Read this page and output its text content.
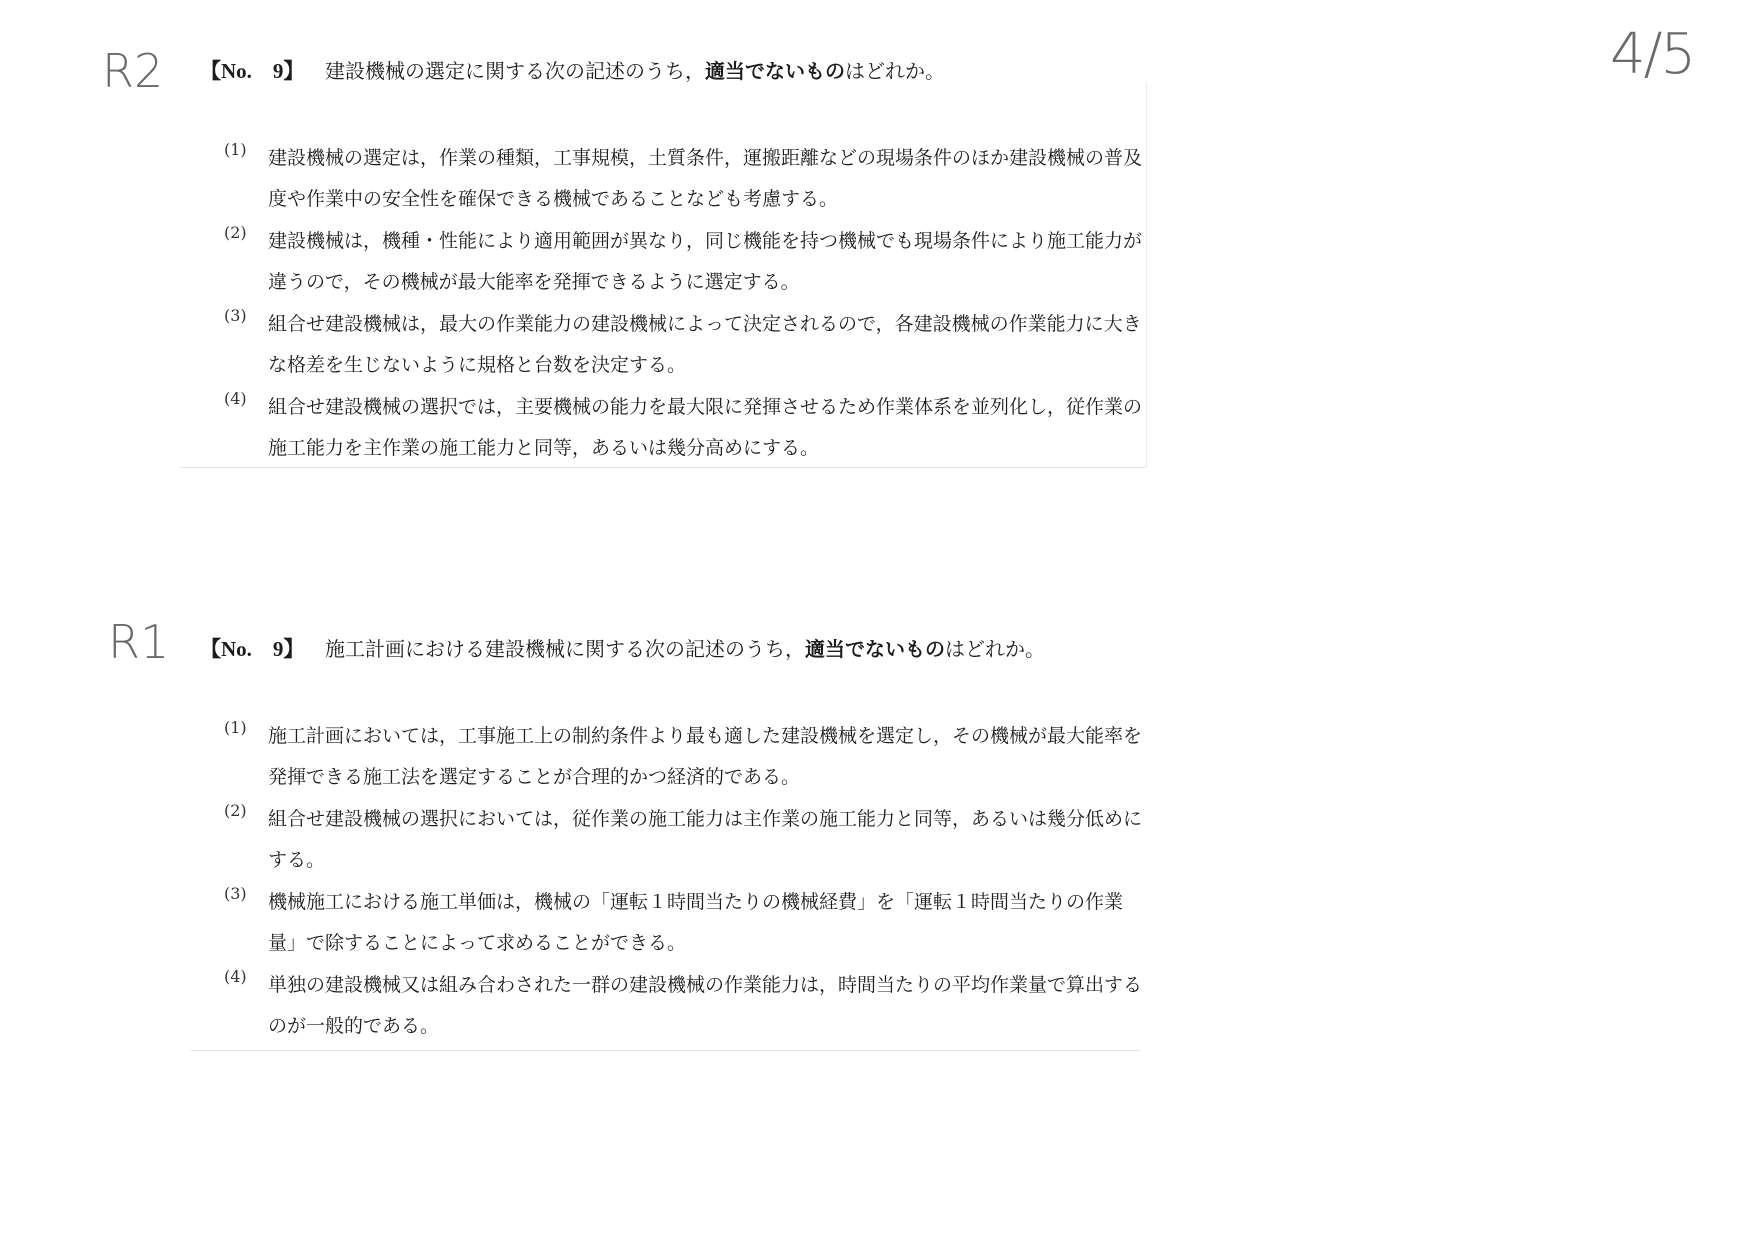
4/5
R2
R1
【No.　9】 建設機械の選定に関する次の記述のうち，適当でないものはどれか。
(1) 建設機械の選定は，作業の種類，工事規模，土質条件，運搬距離などの現場条件のほか建設機械の普及度や作業中の安全性を確保できる機械であることなども考慮する。
(2) 建設機械は，機種・性能により適用範囲が異なり，同じ機能を持つ機械でも現場条件により施工能力が違うので，その機械が最大能率を発揮できるように選定する。
(3) 組合せ建設機械は，最大の作業能力の建設機械によって決定されるので，各建設機械の作業能力に大きな格差を生じないように規格と台数を決定する。
(4) 組合せ建設機械の選択では，主要機械の能力を最大限に発揮させるため作業体系を並列化し，従作業の施工能力を主作業の施工能力と同等，あるいは幾分高めにする。
【No.　9】 施工計画における建設機械に関する次の記述のうち，適当でないものはどれか。
(1) 施工計画においては，工事施工上の制約条件より最も適した建設機械を選定し，その機械が最大能率を発揮できる施工法を選定することが合理的かつ経済的である。
(2) 組合せ建設機械の選択においては，従作業の施工能力は主作業の施工能力と同等，あるいは幾分低めにする。
(3) 機械施工における施工単価は，機械の「運転１時間当たりの機械経費」を「運転１時間当たりの作業量」で除することによって求めることができる。
(4) 単独の建設機械又は組み合わされた一群の建設機械の作業能力は，時間当たりの平均作業量で算出するのが一般的である。
